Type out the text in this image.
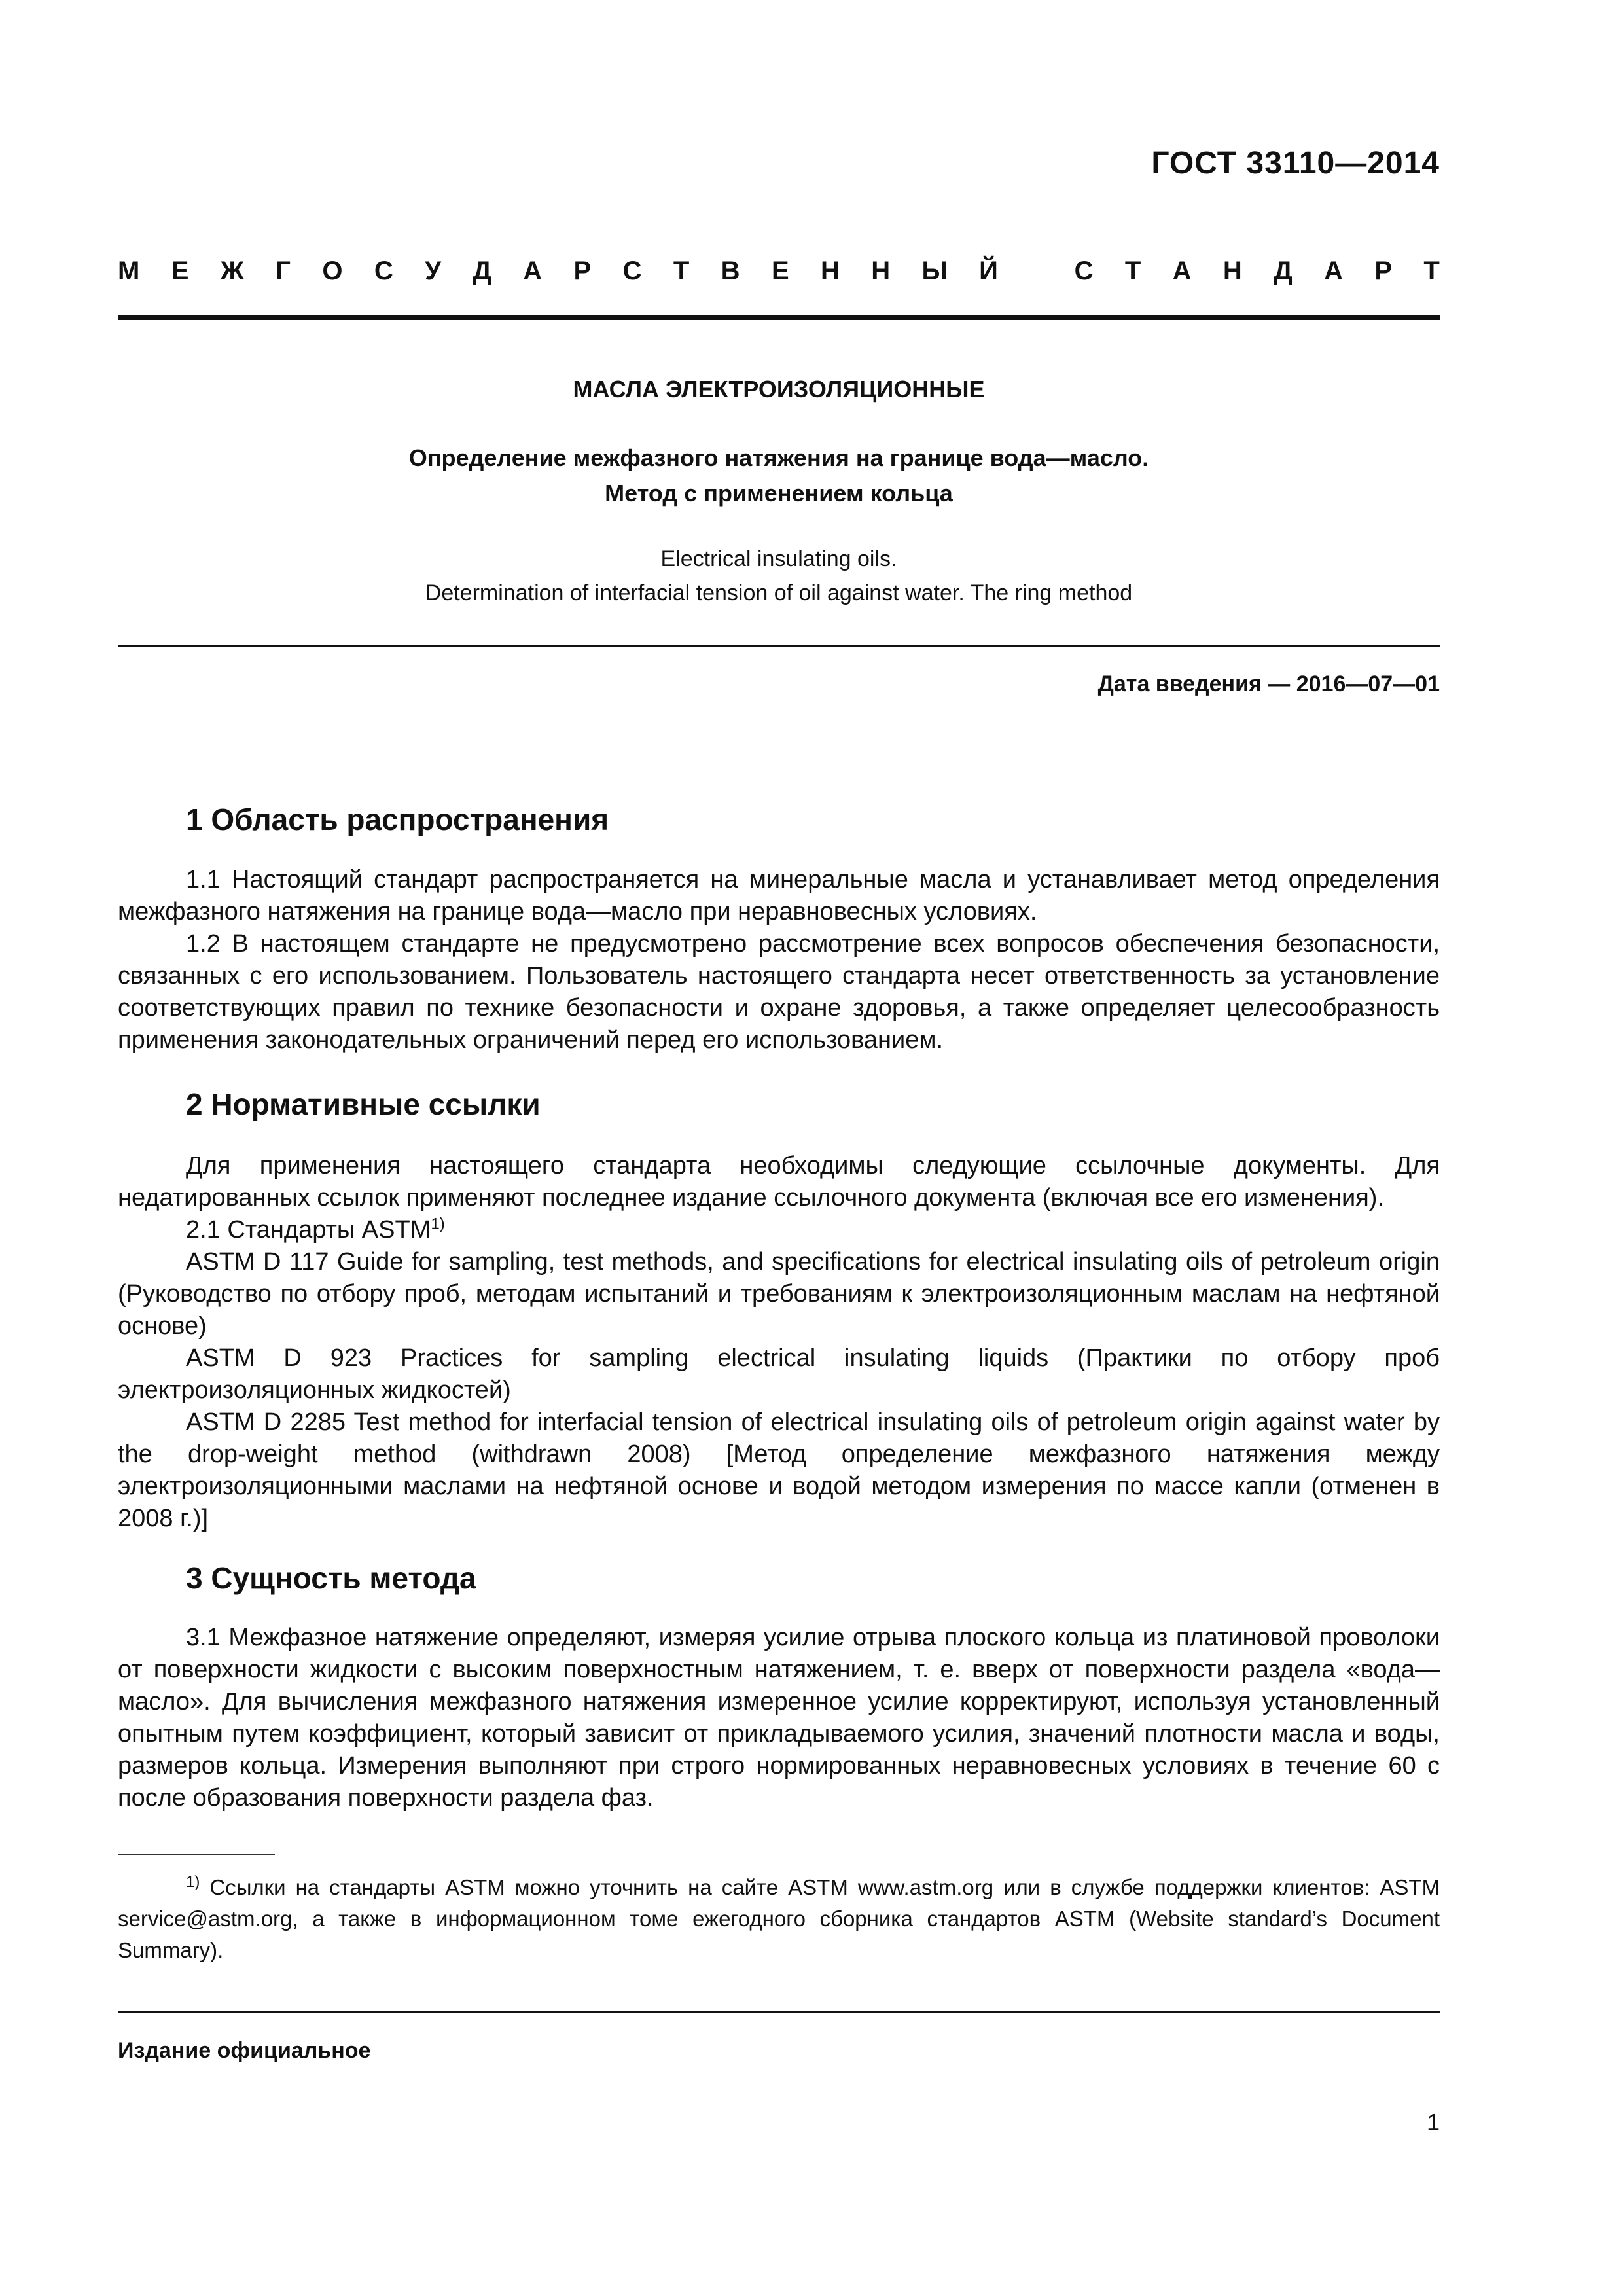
ГОСТ 33110—2014
М Е Ж Г О С У Д А Р С Т В Е Н Н Ы Й	С Т А Н Д А Р Т
МАСЛА ЭЛЕКТРОИЗОЛЯЦИОННЫЕ
Определение межфазного натяжения на границе вода—масло.
Метод с применением кольца
Electrical insulating oils.
Determination of interfacial tension of oil against water. The ring method
Дата введения — 2016—07—01
1 Область распространения

1.1 Настоящий стандарт распространяется на минеральные масла и устанавливает метод определения межфазного натяжения на границе вода—масло при неравновесных условиях.

1.2 В настоящем стандарте не предусмотрено рассмотрение всех вопросов обеспечения безопасности, связанных с его использованием. Пользователь настоящего стандарта несет ответственность за установление соответствующих правил по технике безопасности и охране здоровья, а также определяет целесообразность применения законодательных ограничений перед его использованием.

2 Нормативные ссылки

Для применения настоящего стандарта необходимы следующие ссылочные документы. Для недатированных ссылок применяют последнее издание ссылочного документа (включая все его изменения).

2.1 Стандарты ASTM$^{1)}$

ASTM D 117 Guide for sampling, test methods, and specifications for electrical insulating oils of petroleum origin (Руководство по отбору проб, методам испытаний и требованиям к электроизоляционным маслам на нефтяной основе)

ASTM D 923 Practices for sampling electrical insulating liquids (Практики по отбору проб электроизоляционных жидкостей)

ASTM D 2285 Test method for interfacial tension of electrical insulating oils of petroleum origin against water by the drop-weight method (withdrawn 2008) [Метод определение межфазного натяжения между электроизоляционными маслами на нефтяной основе и водой методом измерения по массе капли (отменен в 2008 г.)]

3 Сущность метода

3.1 Межфазное натяжение определяют, измеряя усилие отрыва плоского кольца из платиновой проволоки от поверхности жидкости с высоким поверхностным натяжением, т. е. вверх от поверхности раздела «вода—масло». Для вычисления межфазного натяжения измеренное усилие корректируют, используя установленный опытным путем коэффициент, который зависит от прикладываемого усилия, значений плотности масла и воды, размеров кольца. Измерения выполняют при строго нормированных неравновесных условиях в течение 60 с после образования поверхности раздела фаз.

$^{1)}$ Ссылки на стандарты ASTM можно уточнить на сайте ASTM www.astm.org или в службе поддержки клиентов: ASTM service@astm.org, а также в информационном томе ежегодного сборника стандартов ASTM (Website standard’s Document Summary).
Издание официальное
1
